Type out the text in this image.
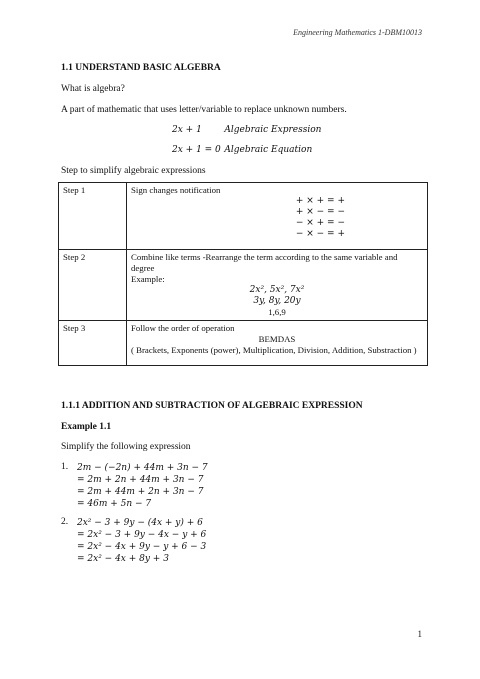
Engineering Mathematics 1-DBM10013
1.1 UNDERSTAND BASIC ALGEBRA
What is algebra?
A part of mathematic that uses letter/variable to replace unknown numbers.
2x + 1	Algebraic Expression
2x + 1 = 0 Algebraic Equation
Step to simplify algebraic expressions
Step 1	Sign changes notification
+ × + = +
+ × − = −
− × + = −
− × − = +

Step 2	Combine like terms -Rearrange the term according to the same variable and degree
Example:
2x², 5x², 7x²
3y, 8y, 20y
1,6,9

Step 3	Follow the order of operation
BEMDAS
( Brackets, Exponents (power), Multiplication, Division, Addition, Substraction )
1.1.1 ADDITION AND SUBTRACTION OF ALGEBRAIC EXPRESSION
Example 1.1
Simplify the following expression
1. 2m − (−2n) + 44m + 3n − 7
= 2m + 2n + 44m + 3n − 7
= 2m + 44m + 2n + 3n − 7
= 46m + 5n − 7
2. 2x² − 3 + 9y − (4x + y) + 6
= 2x² − 3 + 9y − 4x − y + 6
= 2x² − 4x + 9y − y + 6 − 3
= 2x² − 4x + 8y + 3
1
